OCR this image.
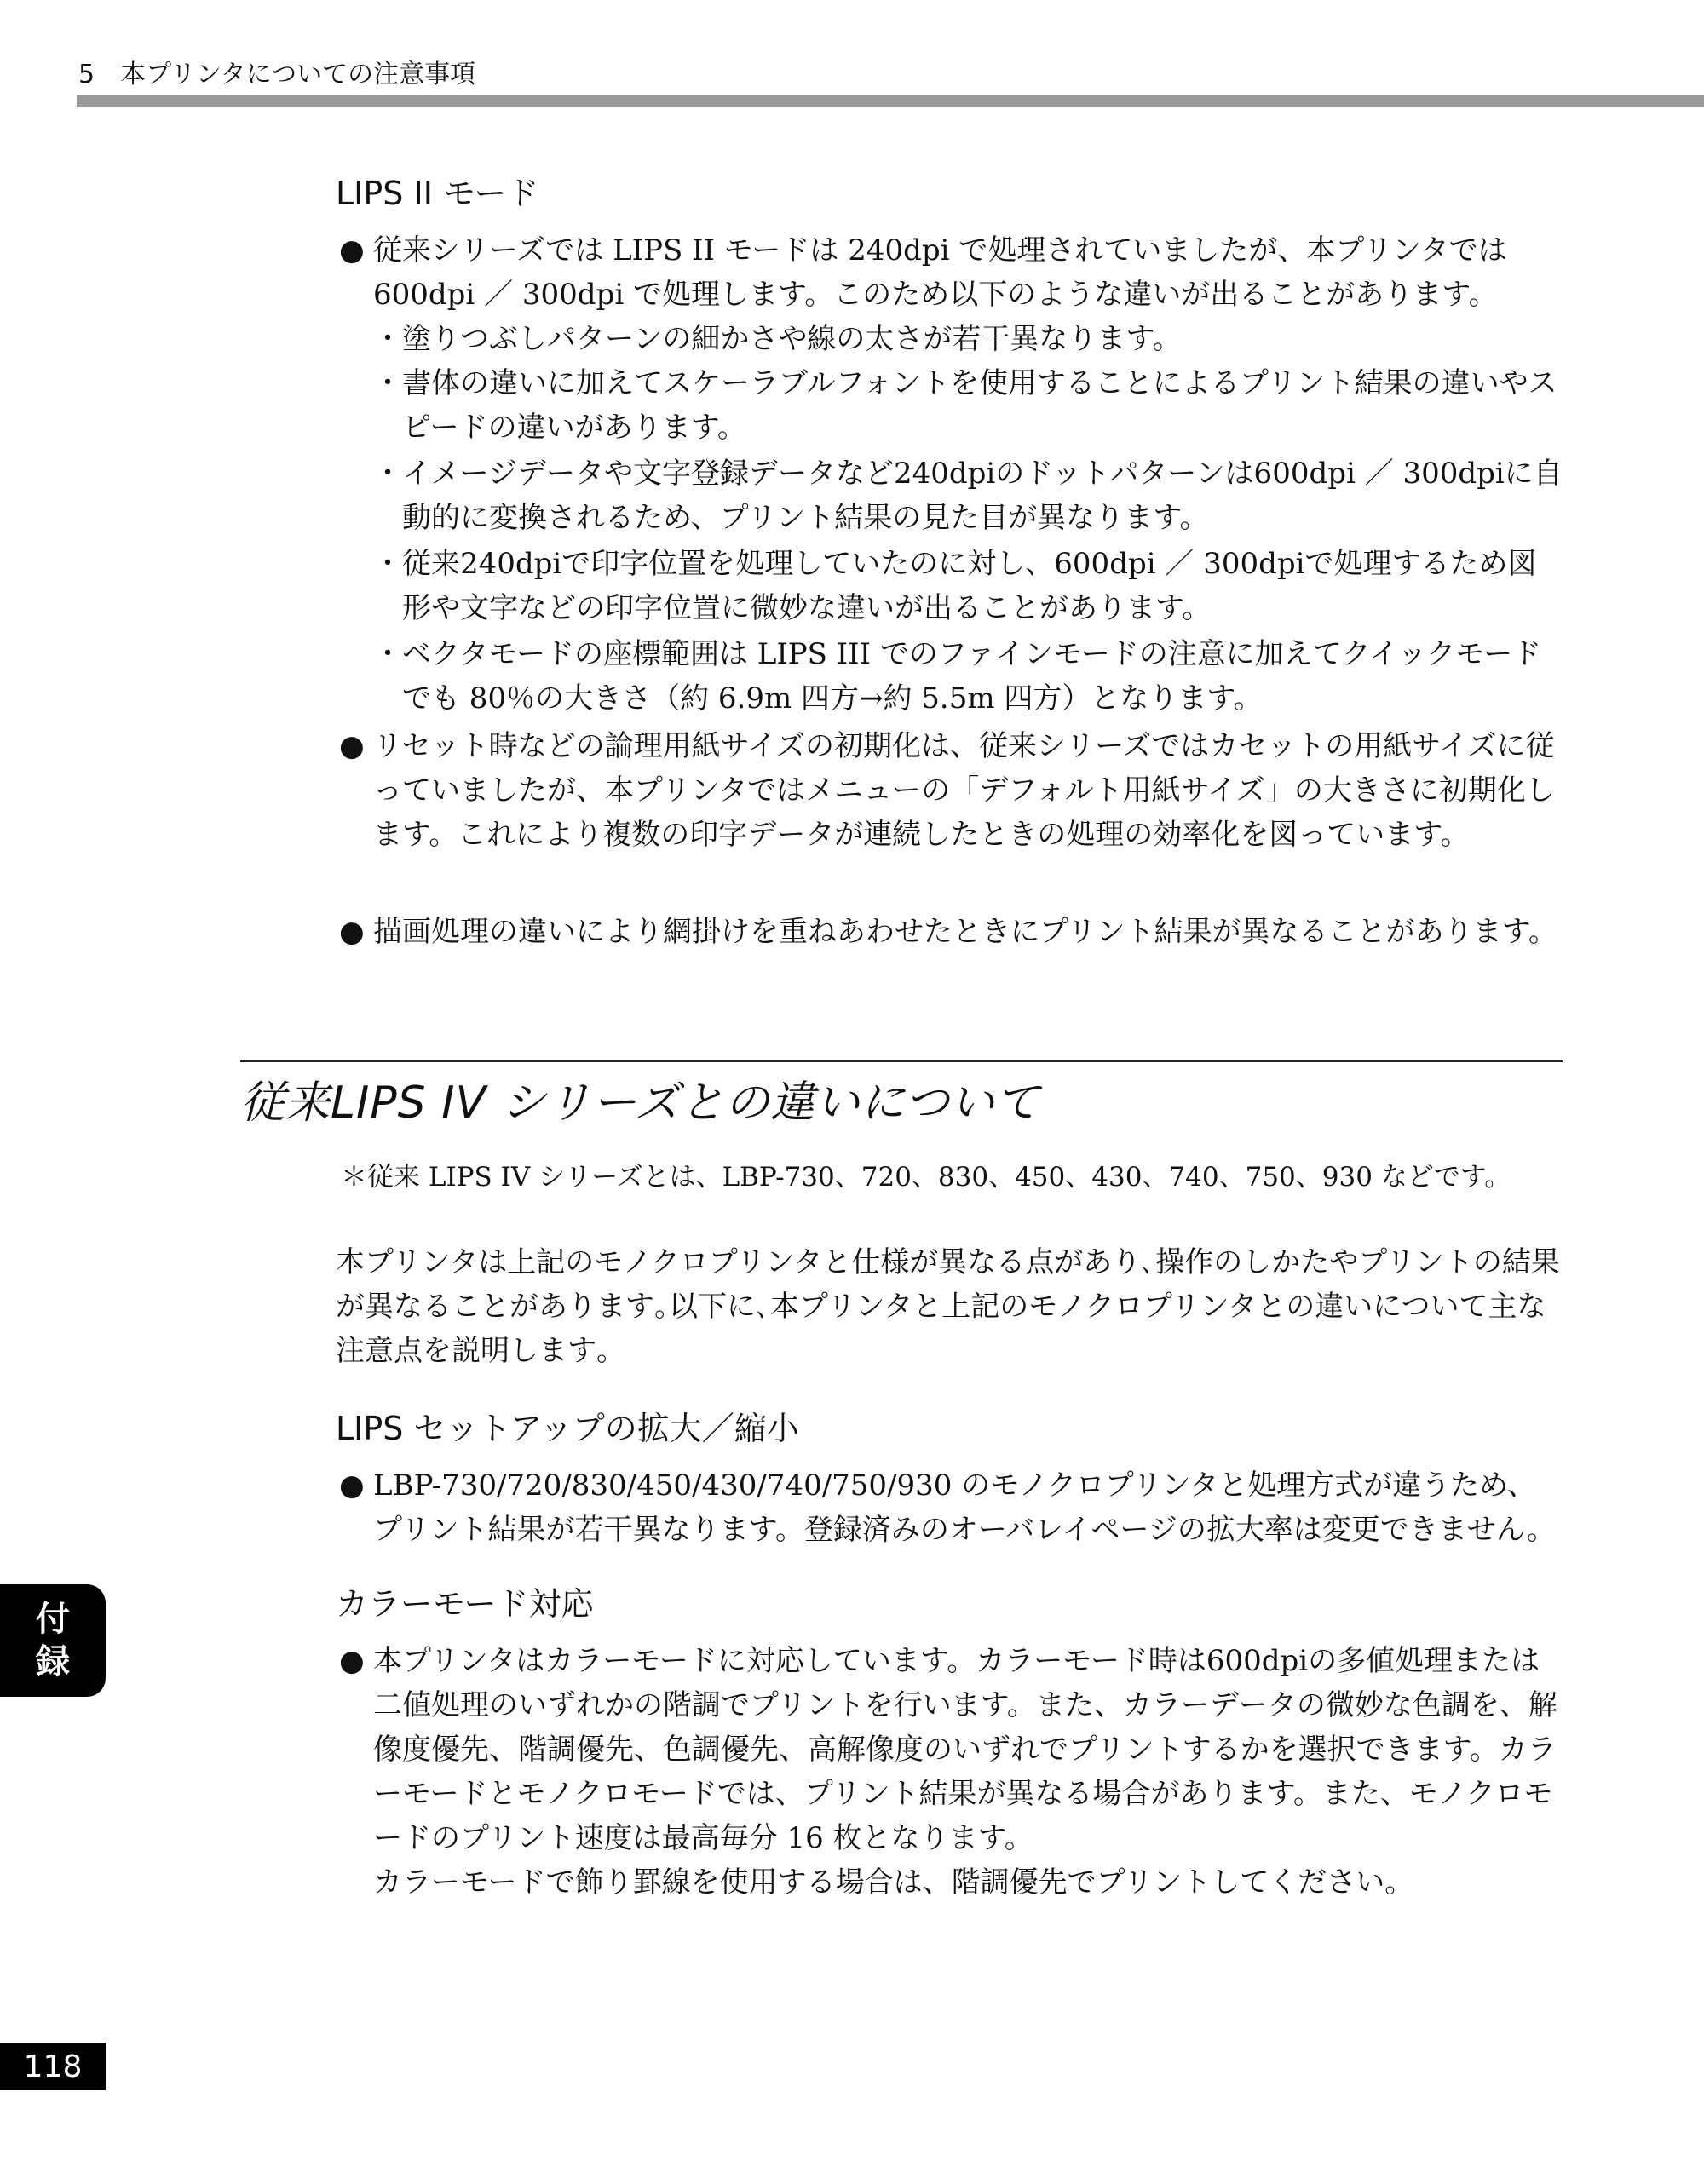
5　本プリンタについての注意事項
LIPS II モード
● 従来シリーズでは LIPS II モードは 240dpi で処理されていましたが、本プリンタでは 600dpi ／ 300dpi で処理します。このため以下のような違いが出ることがあります。
・ 塗りつぶしパターンの細かさや線の太さが若干異なります。
・ 書体の違いに加えてスケーラブルフォントを使用することによるプリント結果の違いやスピードの違いがあります。
・ イメージデータや文字登録データなど240dpiのドットパターンは600dpi ／ 300dpiに自動的に変換されるため、プリント結果の見た目が異なります。
・ 従来240dpiで印字位置を処理していたのに対し、600dpi ／ 300dpiで処理するため図形や文字などの印字位置に微妙な違いが出ることがあります。
・ ベクタモードの座標範囲は LIPS III でのファインモードの注意に加えてクイックモードでも 80％の大きさ（約 6.9m 四方→約 5.5m 四方）となります。
● リセット時などの論理用紙サイズの初期化は、従来シリーズではカセットの用紙サイズに従っていましたが、本プリンタではメニューの「デフォルト用紙サイズ」の大きさに初期化します。これにより複数の印字データが連続したときの処理の効率化を図っています。
● 描画処理の違いにより網掛けを重ねあわせたときにプリント結果が異なることがあります。
従来LIPS IV シリーズとの違いについて
＊従来 LIPS IV シリーズとは、LBP-730、720、830、450、430、740、750、930 などです。
本プリンタは上記のモノクロプリンタと仕様が異なる点があり､操作のしかたやプリントの結果が異なることがあります｡以下に､本プリンタと上記のモノクロプリンタとの違いについて主な注意点を説明します｡
LIPS セットアップの拡大／縮小
● LBP-730/720/830/450/430/740/750/930 のモノクロプリンタと処理方式が違うため、プリント結果が若干異なります。登録済みのオーバレイページの拡大率は変更できません。
カラーモード対応
● 本プリンタはカラーモードに対応しています。カラーモード時は600dpiの多値処理または二値処理のいずれかの階調でプリントを行います。また、カラーデータの微妙な色調を、解像度優先、階調優先、色調優先、高解像度のいずれでプリントするかを選択できます。カラーモードとモノクロモードでは、プリント結果が異なる場合があります。また、モノクロモードのプリント速度は最高毎分 16 枚となります。
カラーモードで飾り罫線を使用する場合は、階調優先でプリントしてください。
付
録
118
